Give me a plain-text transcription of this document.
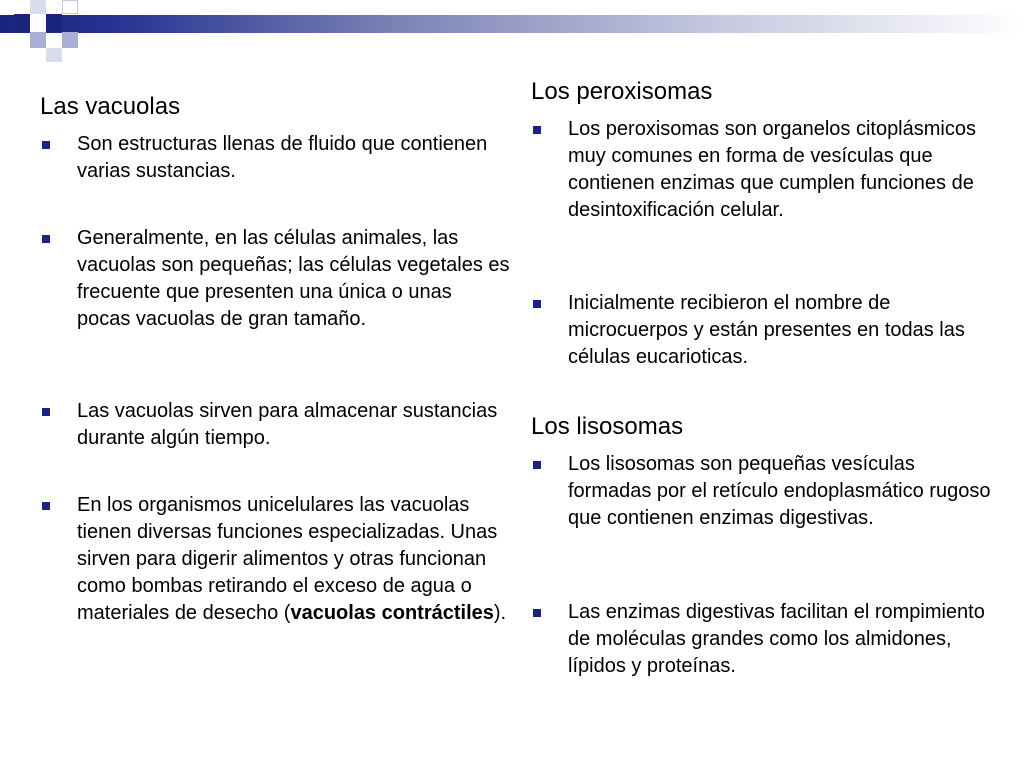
Las vacuolas
Son estructuras llenas de fluido que contienen varias sustancias.
Generalmente, en las células animales, las vacuolas son pequeñas; las células vegetales es frecuente que presenten una única o unas pocas vacuolas de gran tamaño.
Las vacuolas sirven para almacenar sustancias durante algún tiempo.
En los organismos unicelulares las vacuolas tienen diversas funciones especializadas. Unas sirven para digerir alimentos y otras funcionan como bombas retirando el exceso de agua o materiales de desecho (vacuolas contráctiles).
Los peroxisomas
Los peroxisomas son organelos citoplásmicos muy comunes en forma de vesículas que contienen enzimas que cumplen funciones de desintoxificación celular.
Inicialmente recibieron el nombre de microcuerpos y están presentes en todas las células eucarioticas.
Los lisosomas
Los lisosomas son pequeñas vesículas formadas por el retículo endoplasmático rugoso que contienen enzimas digestivas.
Las enzimas digestivas facilitan el rompimiento de moléculas grandes como los almidones, lípidos y proteínas.
